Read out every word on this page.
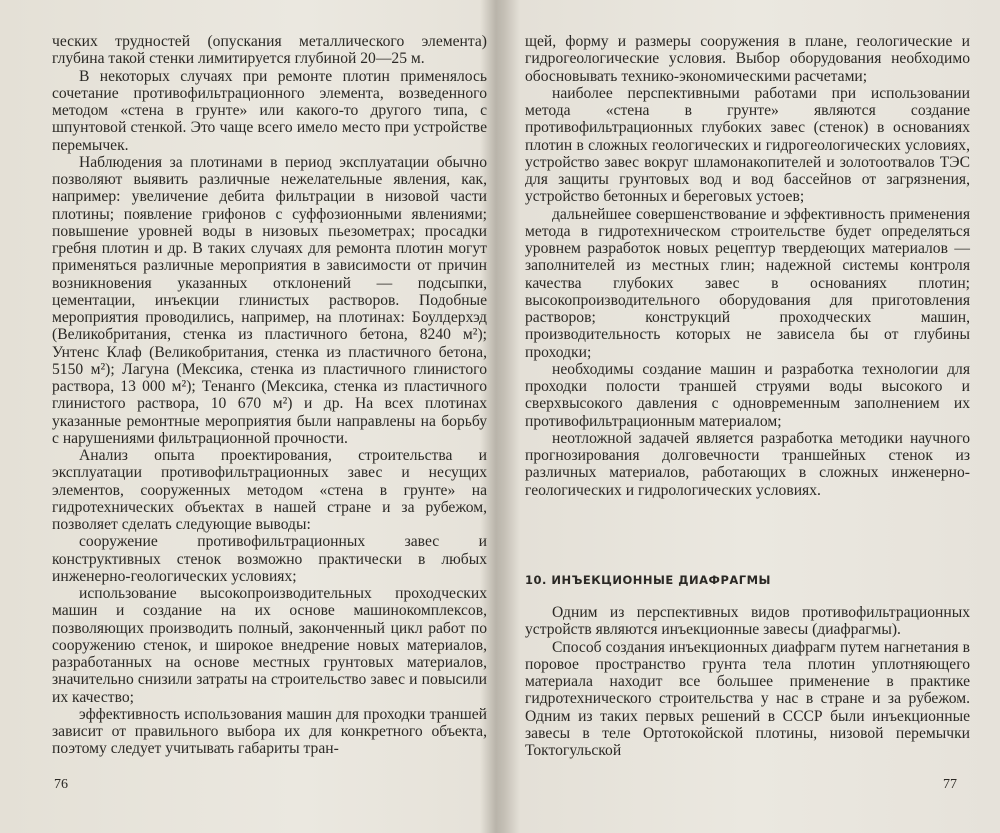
ческих трудностей (опускания металлического элемента) глубина такой стенки лимитируется глубиной 20—25 м.

В некоторых случаях при ремонте плотин применялось сочетание противофильтрационного элемента, возведенного методом «стена в грунте» или какого-то другого типа, с шпунтовой стенкой. Это чаще всего имело место при устройстве перемычек.

Наблюдения за плотинами в период эксплуатации обычно позволяют выявить различные нежелательные явления, как, например: увеличение дебита фильтрации в низовой части плотины; появление грифонов с суффозионными явлениями; повышение уровней воды в низовых пьезометрах; просадки гребня плотин и др. В таких случаях для ремонта плотин могут применяться различные мероприятия в зависимости от причин возникновения указанных отклонений — подсыпки, цементации, инъекции глинистых растворов. Подобные мероприятия проводились, например, на плотинах: Боулдерхэд (Великобритания, стенка из пластичного бетона, 8240 м²); Унтенс Клаф (Великобритания, стенка из пластичного бетона, 5150 м²); Лагуна (Мексика, стенка из пластичного глинистого раствора, 13 000 м²); Тенанго (Мексика, стенка из пластичного глинистого раствора, 10 670 м²) и др. На всех плотинах указанные ремонтные мероприятия были направлены на борьбу с нарушениями фильтрационной прочности.

Анализ опыта проектирования, строительства и эксплуатации противофильтрационных завес и несущих элементов, сооруженных методом «стена в грунте» на гидротехнических объектах в нашей стране и за рубежом, позволяет сделать следующие выводы:

сооружение противофильтрационных завес и конструктивных стенок возможно практически в любых инженерно-геологических условиях;

использование высокопроизводительных проходческих машин и создание на их основе машинокомплексов, позволяющих производить полный, законченный цикл работ по сооружению стенок, и широкое внедрение новых материалов, разработанных на основе местных грунтовых материалов, значительно снизили затраты на строительство завес и повысили их качество;

эффективность использования машин для проходки траншей зависит от правильного выбора их для конкретного объекта, поэтому следует учитывать габариты тран-

76

щей, форму и размеры сооружения в плане, геологические и гидрогеологические условия. Выбор оборудования необходимо обосновывать технико-экономическими расчетами;

наиболее перспективными работами при использовании метода «стена в грунте» являются создание противофильтрационных глубоких завес (стенок) в основаниях плотин в сложных геологических и гидрогеологических условиях, устройство завес вокруг шламонакопителей и золотоотвалов ТЭС для защиты грунтовых вод и вод бассейнов от загрязнения, устройство бетонных и береговых устоев;

дальнейшее совершенствование и эффективность применения метода в гидротехническом строительстве будет определяться уровнем разработок новых рецептур твердеющих материалов — заполнителей из местных глин; надежной системы контроля качества глубоких завес в основаниях плотин; высокопроизводительного оборудования для приготовления растворов; конструкций проходческих машин, производительность которых не зависела бы от глубины проходки;

необходимы создание машин и разработка технологии для проходки полости траншей струями воды высокого и сверхвысокого давления с одновременным заполнением их противофильтрационным материалом;

неотложной задачей является разработка методики научного прогнозирования долговечности траншейных стенок из различных материалов, работающих в сложных инженерно-геологических и гидрологических условиях.

10. ИНЪЕКЦИОННЫЕ ДИАФРАГМЫ

Одним из перспективных видов противофильтрационных устройств являются инъекционные завесы (диафрагмы).

Способ создания инъекционных диафрагм путем нагнетания в поровое пространство грунта тела плотин уплотняющего материала находит все большее применение в практике гидротехнического строительства у нас в стране и за рубежом. Одним из таких первых решений в СССР были инъекционные завесы в теле Ортотокойской плотины, низовой перемычки Токтогульской

77
